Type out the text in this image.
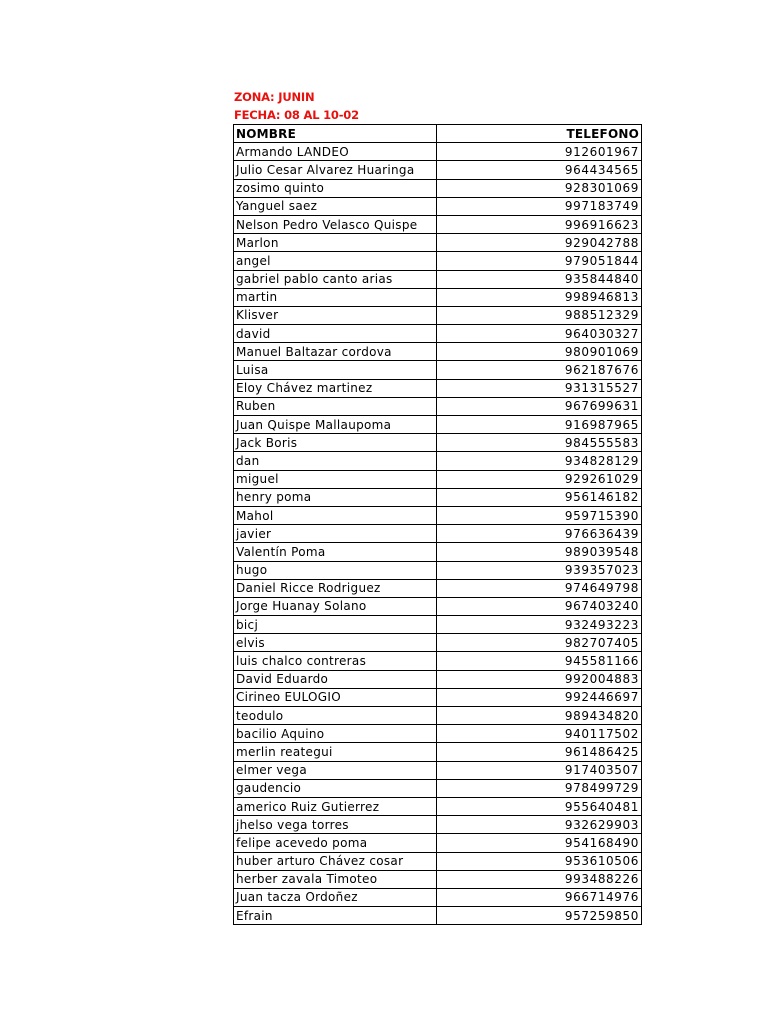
ZONA: JUNIN
FECHA: 08 AL 10-02
NOMBRE	TELEFONO
Armando LANDEO	912601967
Julio Cesar Alvarez Huaringa	964434565
zosimo quinto	928301069
Yanguel saez	997183749
Nelson Pedro Velasco Quispe	996916623
Marlon	929042788
angel	979051844
gabriel pablo canto arias	935844840
martin	998946813
Klisver	988512329
david	964030327
Manuel Baltazar cordova	980901069
Luisa	962187676
Eloy Chávez martinez	931315527
Ruben	967699631
Juan Quispe Mallaupoma	916987965
Jack Boris	984555583
dan	934828129
miguel	929261029
henry poma	956146182
Mahol	959715390
javier	976636439
Valentín Poma	989039548
hugo	939357023
Daniel Ricce Rodriguez	974649798
Jorge Huanay Solano	967403240
bicj	932493223
elvis	982707405
luis chalco contreras	945581166
David Eduardo	992004883
Cirineo EULOGIO	992446697
teodulo	989434820
bacilio Aquino	940117502
merlin reategui	961486425
elmer vega	917403507
gaudencio	978499729
americo Ruiz Gutierrez	955640481
jhelso vega torres	932629903
felipe acevedo poma	954168490
huber arturo Chávez cosar	953610506
herber zavala Timoteo	993488226
Juan tacza Ordoñez	966714976
Efrain	957259850
